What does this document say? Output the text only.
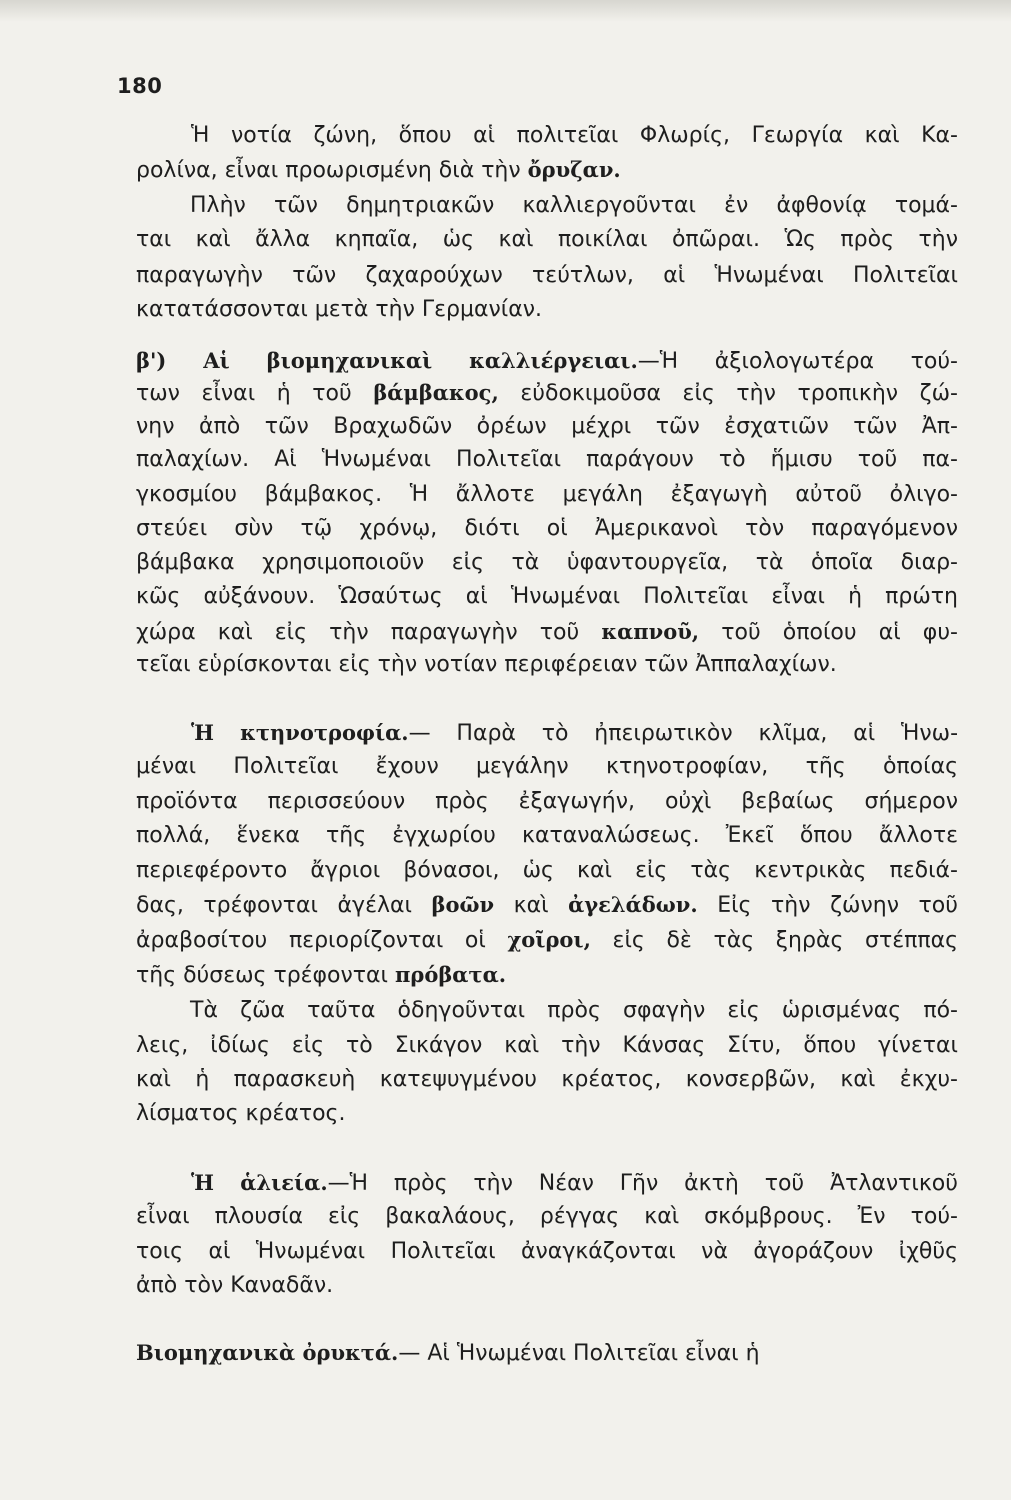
180
Ἡ νοτία ζώνη, ὅπου αἱ πολιτεῖαι Φλωρίς, Γεωργία καὶ Κα-
ρολίνα, εἶναι προωρισμένη διὰ τὴν ὄρυζαν.
Πλὴν τῶν δημητριακῶν καλλιεργοῦνται ἐν ἀφθονίᾳ τομά-
ται καὶ ἄλλα κηπαῖα, ὡς καὶ ποικίλαι ὀπῶραι. Ὡς πρὸς τὴν
παραγωγὴν τῶν ζαχαρούχων τεύτλων, αἱ Ἡνωμέναι Πολιτεῖαι
κατατάσσονται μετὰ τὴν Γερμανίαν.
β') Αἱ βιομηχανικαὶ καλλιέργειαι.—Ἡ ἀξιολογωτέρα τού-
των εἶναι ἡ τοῦ βάμβακος, εὐδοκιμοῦσα εἰς τὴν τροπικὴν ζώ-
νην ἀπὸ τῶν Βραχωδῶν ὀρέων μέχρι τῶν ἐσχατιῶν τῶν Ἀπ-
παλαχίων. Αἱ Ἡνωμέναι Πολιτεῖαι παράγουν τὸ ἥμισυ τοῦ πα-
γκοσμίου βάμβακος. Ἡ ἄλλοτε μεγάλη ἐξαγωγὴ αὐτοῦ ὀλιγο-
στεύει σὺν τῷ χρόνῳ, διότι οἱ Ἀμερικανοὶ τὸν παραγόμενον
βάμβακα χρησιμοποιοῦν εἰς τὰ ὑφαντουργεῖα, τὰ ὁποῖα διαρ-
κῶς αὐξάνουν. Ὡσαύτως αἱ Ἡνωμέναι Πολιτεῖαι εἶναι ἡ πρώτη
χώρα καὶ εἰς τὴν παραγωγὴν τοῦ καπνοῦ, τοῦ ὁποίου αἱ φυ-
τεῖαι εὑρίσκονται εἰς τὴν νοτίαν περιφέρειαν τῶν Ἀππαλαχίων.
Ἡ κτηνοτροφία.— Παρὰ τὸ ἠπειρωτικὸν κλῖμα, αἱ Ἡνω-
μέναι Πολιτεῖαι ἔχουν μεγάλην κτηνοτροφίαν, τῆς ὁποίας
προϊόντα περισσεύουν πρὸς ἐξαγωγήν, οὐχὶ βεβαίως σήμερον
πολλά, ἕνεκα τῆς ἐγχωρίου καταναλώσεως. Ἐκεῖ ὅπου ἄλλοτε
περιεφέροντο ἄγριοι βόνασοι, ὡς καὶ εἰς τὰς κεντρικὰς πεδιά-
δας, τρέφονται ἀγέλαι βοῶν καὶ ἀγελάδων. Εἰς τὴν ζώνην τοῦ
ἀραβοσίτου περιορίζονται οἱ χοῖροι, εἰς δὲ τὰς ξηρὰς στέππας
τῆς δύσεως τρέφονται πρόβατα.
Τὰ ζῶα ταῦτα ὁδηγοῦνται πρὸς σφαγὴν εἰς ὡρισμένας πό-
λεις, ἰδίως εἰς τὸ Σικάγον καὶ τὴν Κάνσας Σίτυ, ὅπου γίνεται
καὶ ἡ παρασκευὴ κατεψυγμένου κρέατος, κονσερβῶν, καὶ ἐκχυ-
λίσματος κρέατος.
Ἡ ἁλιεία.—Ἡ πρὸς τὴν Νέαν Γῆν ἀκτὴ τοῦ Ἀτλαντικοῦ
εἶναι πλουσία εἰς βακαλάους, ρέγγας καὶ σκόμβρους. Ἐν τού-
τοις αἱ Ἡνωμέναι Πολιτεῖαι ἀναγκάζονται νὰ ἀγοράζουν ἰχθῦς
ἀπὸ τὸν Καναδᾶν.
Βιομηχανικὰ ὀρυκτά.— Αἱ Ἡνωμέναι Πολιτεῖαι εἶναι ἡ
